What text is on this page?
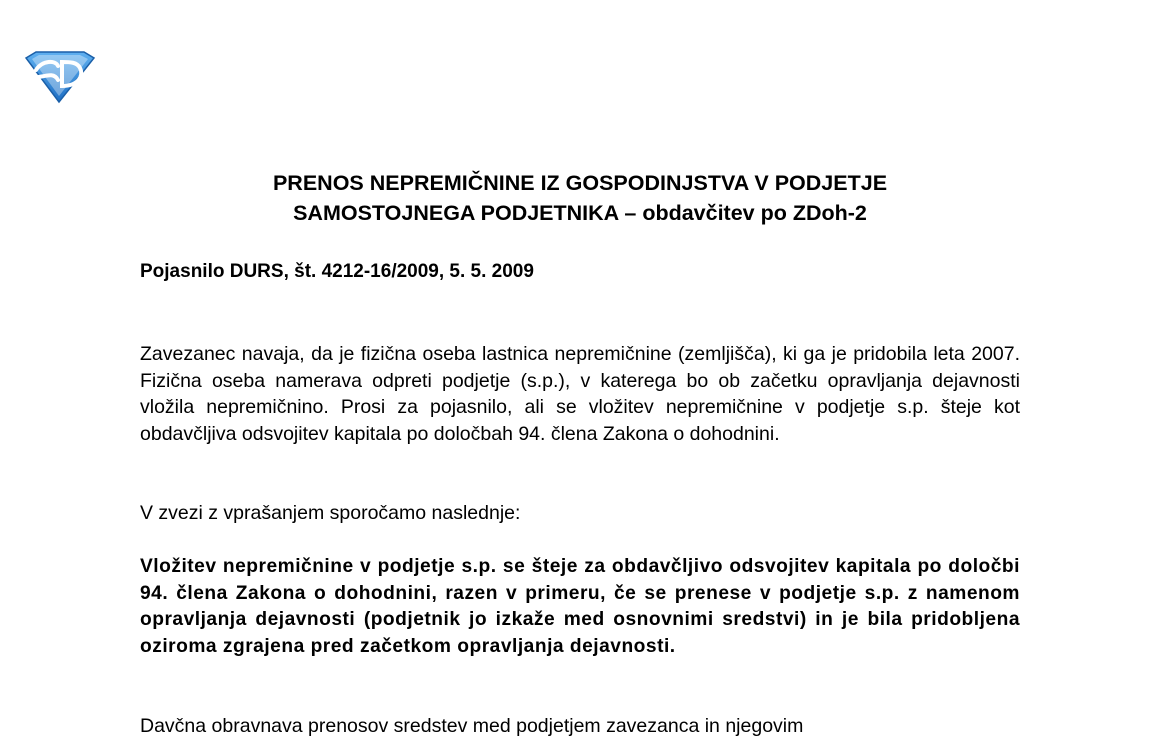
PRENOS NEPREMIČNINE IZ GOSPODINJSTVA V PODJETJE
SAMOSTOJNEGA PODJETNIKA – obdavčitev po ZDoh-2

Pojasnilo DURS, št. 4212-16/2009, 5. 5. 2009

Zavezanec navaja, da je fizična oseba lastnica nepremičnine (zemljišča), ki ga je pridobila leta 2007. Fizična oseba namerava odpreti podjetje (s.p.), v katerega bo ob začetku opravljanja dejavnosti vložila nepremičnino. Prosi za pojasnilo, ali se vložitev nepremičnine v podjetje s.p. šteje kot obdavčljiva odsvojitev kapitala po določbah 94. člena Zakona o dohodnini.

V zvezi z vprašanjem sporočamo naslednje:

Vložitev nepremičnine v podjetje s.p. se šteje za obdavčljivo odsvojitev kapitala po določbi 94. člena Zakona o dohodnini, razen v primeru, če se prenese v podjetje s.p. z namenom opravljanja dejavnosti (podjetnik jo izkaže med osnovnimi sredstvi) in je bila pridobljena oziroma zgrajena pred začetkom opravljanja dejavnosti.

Davčna obravnava prenosov sredstev med podjetjem zavezanca in njegovim
